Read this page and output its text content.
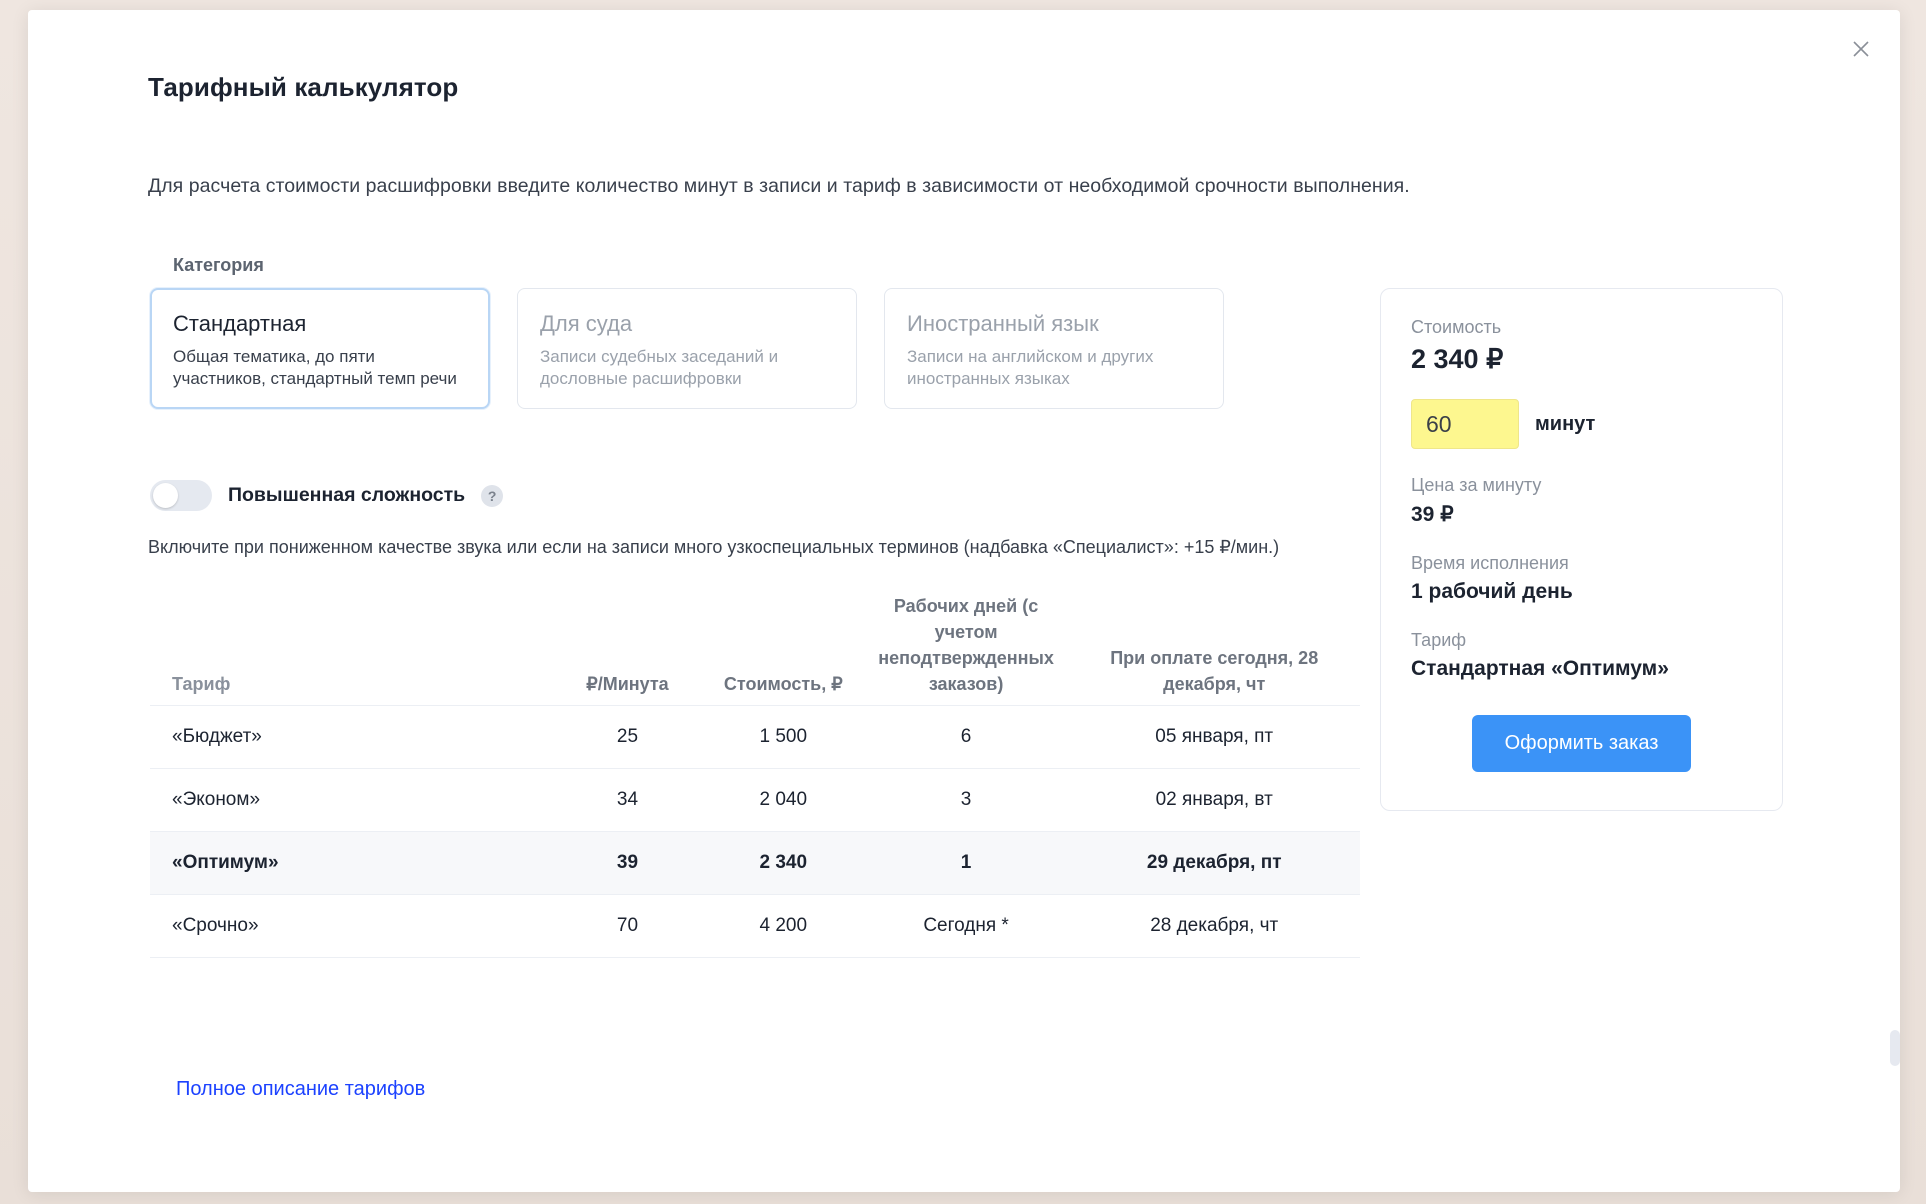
Тарифный калькулятор
Для расчета стоимости расшифровки введите количество минут в записи и тариф в зависимости от необходимой срочности выполнения.
Категория
Стандартная
Общая тематика, до пяти участников, стандартный темп речи
Для суда
Записи судебных заседаний и дословные расшифровки
Иностранный язык
Записи на английском и других иностранных языках
Повышенная сложность	?
Включите при пониженном качестве звука или если на записи много узкоспециальных терминов (надбавка «Специалист»: +15 ₽/мин.)
Тариф	₽/Минута	Стоимость, ₽	Рабочих дней (с учетом неподтвержденных заказов)	При оплате сегодня, 28 декабря, чт
«Бюджет»	25	1 500	6	05 января, пт
«Эконом»	34	2 040	3	02 января, вт
«Оптимум»	39	2 340	1	29 декабря, пт
«Срочно»	70	4 200	Сегодня *	28 декабря, чт
Полное описание тарифов
Стоимость
2 340 ₽
60
минут
Цена за минуту
39 ₽
Время исполнения
1 рабочий день
Тариф
Стандартная «Оптимум»
Оформить заказ
